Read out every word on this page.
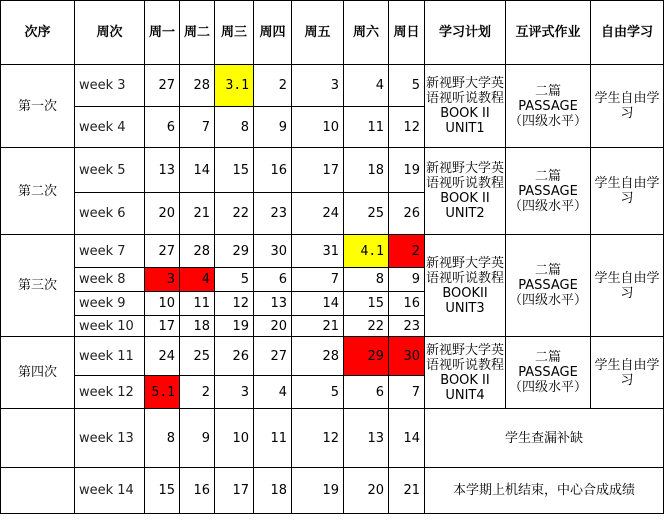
次序	周次	周一	周二	周三	周四	周五	周六	周日	学习计划	互评式作业	自由学习
第一次	week 3	27	28	3.1	2	3	4	5	新视野大学英语视听说教程BOOK II UNIT1	二篇 PASSAGE（四级水平）	学生自由学习
	week 4	6	7	8	9	10	11	12			
第二次	week 5	13	14	15	16	17	18	19	新视野大学英语视听说教程BOOK II UNIT2	二篇 PASSAGE（四级水平）	学生自由学习
	week 6	20	21	22	23	24	25	26			
第三次	week 7	27	28	29	30	31	4.1	2	新视野大学英语视听说教程BOOKII UNIT3	二篇 PASSAGE（四级水平）	学生自由学习
	week 8	3	4	5	6	7	8	9			
	week 9	10	11	12	13	14	15	16			
	week 10	17	18	19	20	21	22	23			
第四次	week 11	24	25	26	27	28	29	30	新视野大学英语视听说教程BOOK II UNIT4	二篇 PASSAGE（四级水平）	学生自由学习
	week 12	5.1	2	3	4	5	6	7			
	week 13	8	9	10	11	12	13	14	学生查漏补缺		
	week 14	15	16	17	18	19	20	21	本学期上机结束，中心合成成绩		
